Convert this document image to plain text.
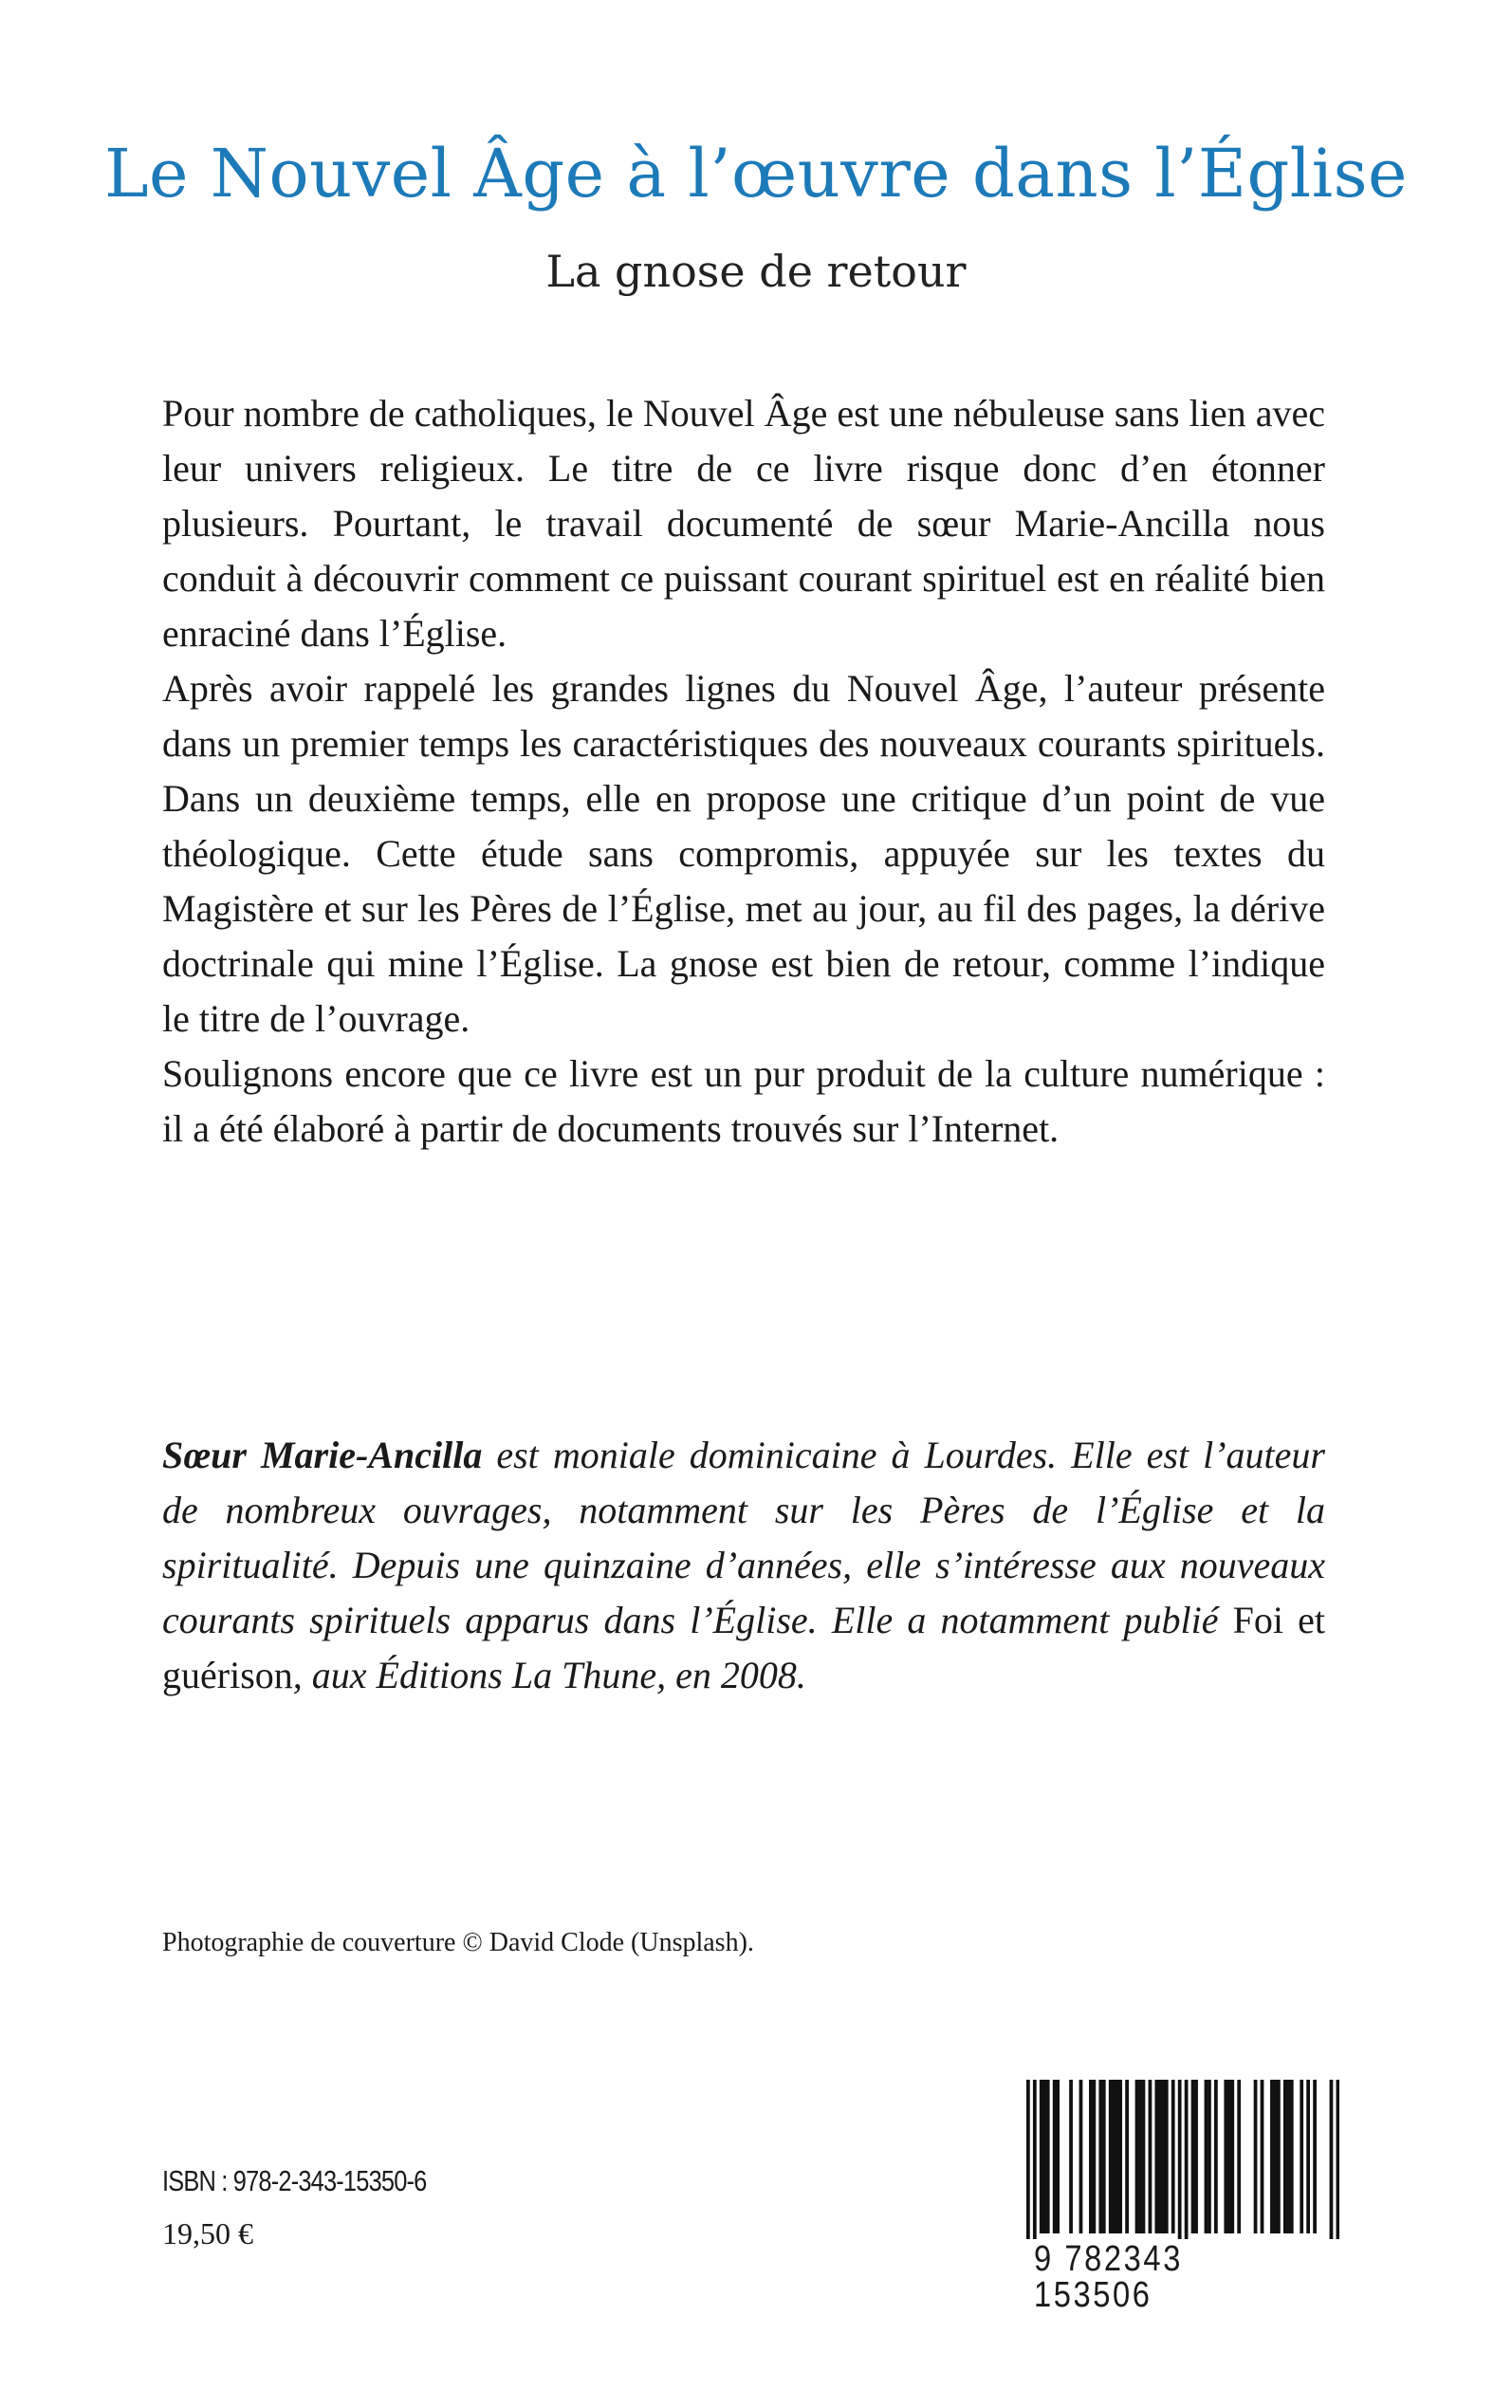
Le Nouvel Âge à l’œuvre dans l’Église
La gnose de retour

Pour nombre de catholiques, le Nouvel Âge est une nébuleuse sans lien avec leur univers religieux. Le titre de ce livre risque donc d’en étonner plusieurs. Pourtant, le travail documenté de sœur Marie-Ancilla nous conduit à découvrir comment ce puissant courant spirituel est en réalité bien enraciné dans l’Église.

Après avoir rappelé les grandes lignes du Nouvel Âge, l’auteur présente dans un premier temps les caractéristiques des nouveaux courants spirituels. Dans un deuxième temps, elle en propose une critique d’un point de vue théologique. Cette étude sans compromis, appuyée sur les textes du Magistère et sur les Pères de l’Église, met au jour, au fil des pages, la dérive doctrinale qui mine l’Église. La gnose est bien de retour, comme l’indique le titre de l’ouvrage.

Soulignons encore que ce livre est un pur produit de la culture numérique : il a été élaboré à partir de documents trouvés sur l’Internet.

Sœur Marie-Ancilla est moniale dominicaine à Lourdes. Elle est l’auteur de nombreux ouvrages, notamment sur les Pères de l’Église et la spiritualité. Depuis une quinzaine d’années, elle s’intéresse aux nouveaux courants spirituels apparus dans l’Église. Elle a notamment publié Foi et guérison, aux Éditions La Thune, en 2008.
Photographie de couverture © David Clode (Unsplash).
ISBN : 978-2-343-15350-6
19,50 €
9 782343 153506
